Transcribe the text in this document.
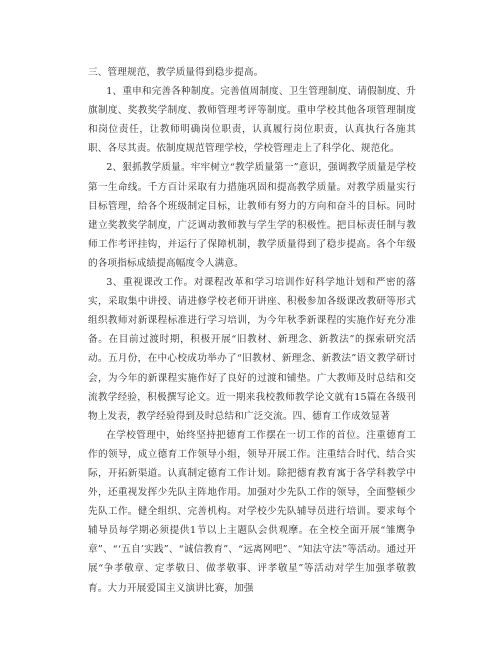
三、管理规范，教学质量得到稳步提高。

1、重申和完善各种制度。完善值周制度、卫生管理制度、请假制度、升旗制度、奖教奖学制度、教师管理考评等制度。重申学校其他各项管理制度和岗位责任，让教师明确岗位职责，认真履行岗位职责，认真执行各施其职、各尽其责。依制度规范管理学校，学校管理走上了科学化、规范化。

2、狠抓教学质量。牢牢树立“教学质量第一”意识，强调教学质量是学校第一生命线。千方百计采取有力措施巩固和提高教学质量。对教学质量实行目标管理，给各个班级制定目标，让教师有努力的方向和奋斗的目标。同时建立奖教奖学制度，广泛调动教师教与学生学的积极性。把目标责任制与教师工作考评挂钩，并运行了保障机制，教学质量得到了稳步提高。各个年级的各项指标成绩提高幅度令人满意。

3、重视课改工作。对课程改革和学习培训作好科学地计划和严密的落实，采取集中讲授、请进修学校老师开讲座、积极参加各级课改教研等形式组织教师对新课程标准进行学习培训，为今年秋季新课程的实施作好充分准备。在目前过渡时期，积极开展“旧教材、新理念、新教法”的探索研究活动。五月份，在中心校成功举办了“旧教材、新理念、新教法”语文教学研讨会，为今年的新课程实施作好了良好的过渡和铺垫。广大教师及时总结和交流教学经验，积极撰写论文。近一期来我校教师教学论文就有15篇在各级刊物上发表，教学经验得到及时总结和广泛交流。四、德育工作成效显著

在学校管理中，始终坚持把德育工作摆在一切工作的首位。注重德育工作的领导，成立德育工作领导小组，领导开展工作。注重结合时代、结合实际，开拓新渠道。认真制定德育工作计划。除把德育教育寓于各学科教学中外，还重视发挥少先队主阵地作用。加强对少先队工作的领导，全面整顿少先队工作。健全组织、完善机构。对学校少先队辅导员进行培训。要求每个辅导员每学期必须提供1节以上主题队会供观摩。在全校全面开展“雏鹰争章”、“‘五自’实践”、“诚信教育”、“远离网吧”、“知法守法”等活动。通过开展“争孝敬章、定孝敬日、做孝敬事、评孝敬星”等活动对学生加强孝敬教育。大力开展爱国主义演讲比赛，加强
